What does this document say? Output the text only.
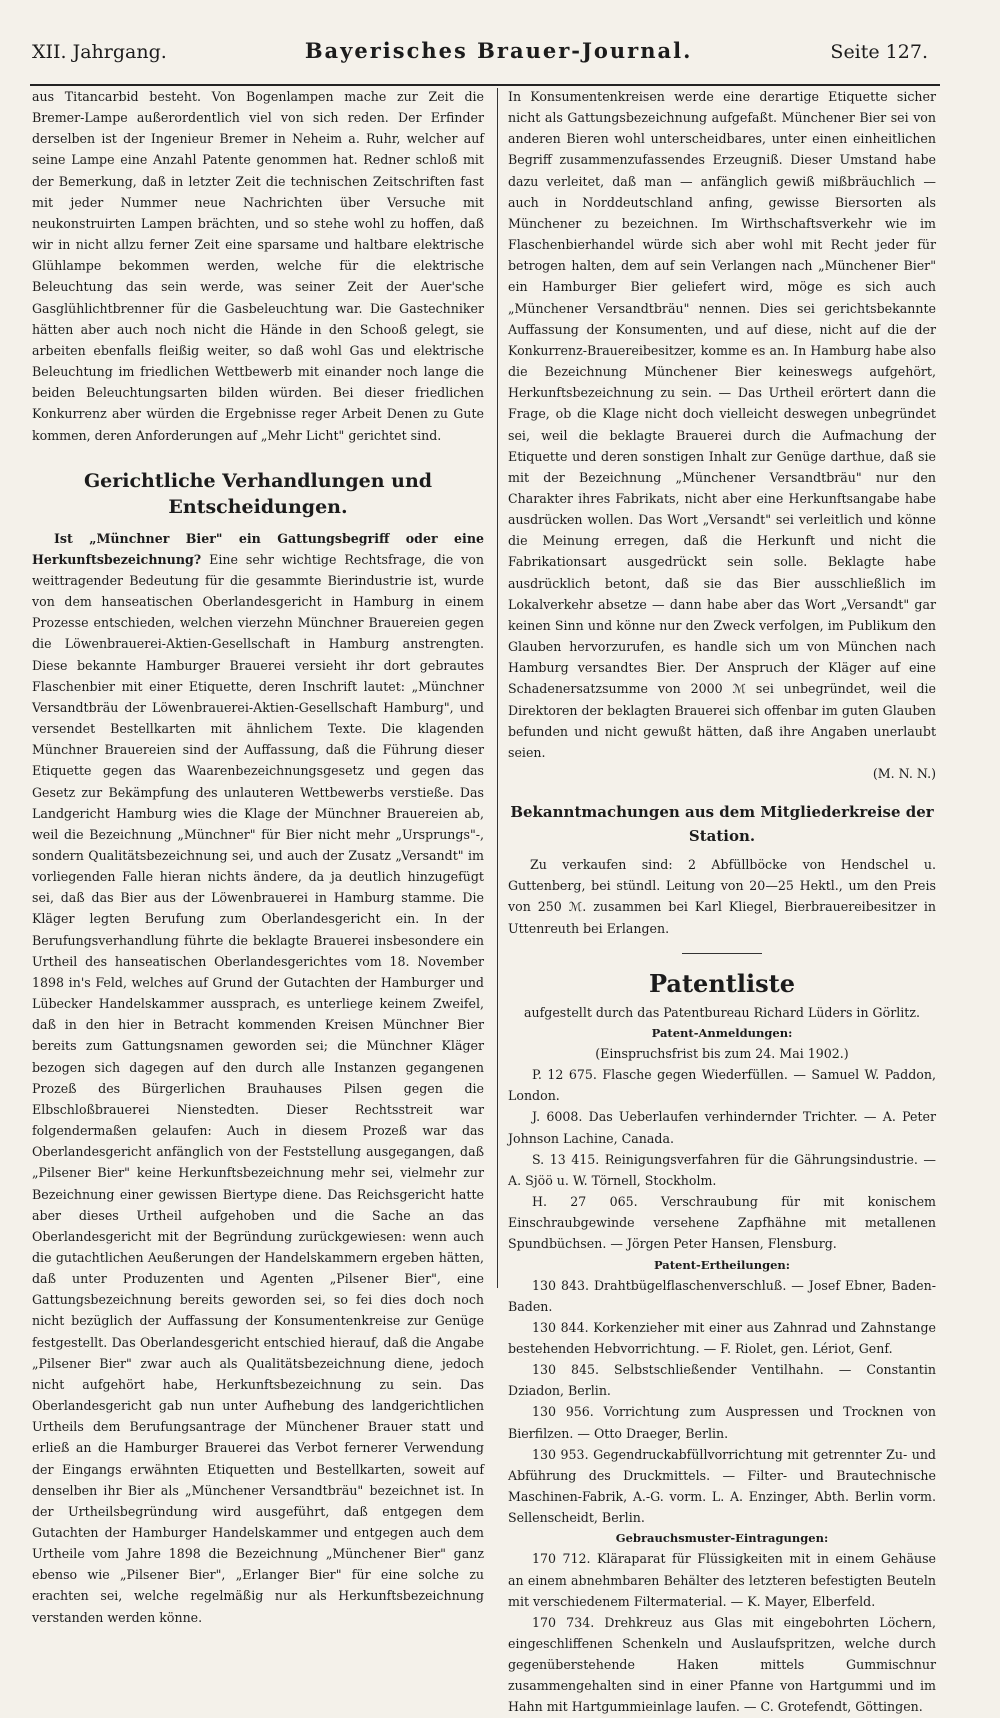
XII. Jahrgang.	Bayerisches Brauer-Journal.	Seite 127.

aus Titancarbid besteht. Von Bogenlampen mache zur Zeit die Bremer-Lampe außerordentlich viel von sich reden. Der Erfinder derselben ist der Ingenieur Bremer in Neheim a. Ruhr, welcher auf seine Lampe eine Anzahl Patente genommen hat. Redner schloß mit der Bemerkung, daß in letzter Zeit die technischen Zeitschriften fast mit jeder Nummer neue Nachrichten über Versuche mit neukonstruirten Lampen brächten, und so stehe wohl zu hoffen, daß wir in nicht allzu ferner Zeit eine sparsame und haltbare elektrische Glühlampe bekommen werden, welche für die elektrische Beleuchtung das sein werde, was seiner Zeit der Auer'sche Gasglühlichtbrenner für die Gasbeleuchtung war. Die Gastechniker hätten aber auch noch nicht die Hände in den Schooß gelegt, sie arbeiten ebenfalls fleißig weiter, so daß wohl Gas und elektrische Beleuchtung im friedlichen Wettbewerb mit einander noch lange die beiden Beleuchtungsarten bilden würden. Bei dieser friedlichen Konkurrenz aber würden die Ergebnisse reger Arbeit Denen zu Gute kommen, deren Anforderungen auf „Mehr Licht" gerichtet sind.

Gerichtliche Verhandlungen und Entscheidungen.

Ist „Münchner Bier" ein Gattungsbegriff oder eine Herkunftsbezeichnung? Eine sehr wichtige Rechtsfrage, die von weittragender Bedeutung für die gesammte Bierindustrie ist, wurde von dem hanseatischen Oberlandesgericht in Hamburg in einem Prozesse entschieden, welchen vierzehn Münchner Brauereien gegen die Löwenbrauerei-Aktien-Gesellschaft in Hamburg anstrengten. Diese bekannte Hamburger Brauerei versieht ihr dort gebrautes Flaschenbier mit einer Etiquette, deren Inschrift lautet: „Münchner Versandtbräu der Löwenbrauerei-Aktien-Gesellschaft Hamburg", und versendet Bestellkarten mit ähnlichem Texte. Die klagenden Münchner Brauereien sind der Auffassung, daß die Führung dieser Etiquette gegen das Waarenbezeichnungsgesetz und gegen das Gesetz zur Bekämpfung des unlauteren Wettbewerbs verstieße. Das Landgericht Hamburg wies die Klage der Münchner Brauereien ab, weil die Bezeichnung „Münchner" für Bier nicht mehr „Ursprungs"-, sondern Qualitätsbezeichnung sei, und auch der Zusatz „Versandt" im vorliegenden Falle hieran nichts ändere, da ja deutlich hinzugefügt sei, daß das Bier aus der Löwenbrauerei in Hamburg stamme. Die Kläger legten Berufung zum Oberlandesgericht ein. In der Berufungsverhandlung führte die beklagte Brauerei insbesondere ein Urtheil des hanseatischen Oberlandesgerichtes vom 18. November 1898 in's Feld, welches auf Grund der Gutachten der Hamburger und Lübecker Handelskammer aussprach, es unterliege keinem Zweifel, daß in den hier in Betracht kommenden Kreisen Münchner Bier bereits zum Gattungsnamen geworden sei; die Münchner Kläger bezogen sich dagegen auf den durch alle Instanzen gegangenen Prozeß des Bürgerlichen Brauhauses Pilsen gegen die Elbschloßbrauerei Nienstedten. Dieser Rechtsstreit war folgendermaßen gelaufen: Auch in diesem Prozeß war das Oberlandesgericht anfänglich von der Feststellung ausgegangen, daß „Pilsener Bier" keine Herkunftsbezeichnung mehr sei, vielmehr zur Bezeichnung einer gewissen Biertype diene. Das Reichsgericht hatte aber dieses Urtheil aufgehoben und die Sache an das Oberlandesgericht mit der Begründung zurückgewiesen: wenn auch die gutachtlichen Aeußerungen der Handelskammern ergeben hätten, daß unter Produzenten und Agenten „Pilsener Bier", eine Gattungsbezeichnung bereits geworden sei, so fei dies doch noch nicht bezüglich der Auffassung der Konsumentenkreise zur Genüge festgestellt. Das Oberlandesgericht entschied hierauf, daß die Angabe „Pilsener Bier" zwar auch als Qualitätsbezeichnung diene, jedoch nicht aufgehört habe, Herkunftsbezeichnung zu sein. Das Oberlandesgericht gab nun unter Aufhebung des landgerichtlichen Urtheils dem Berufungsantrage der Münchener Brauer statt und erließ an die Hamburger Brauerei das Verbot fernerer Verwendung der Eingangs erwähnten Etiquetten und Bestellkarten, soweit auf denselben ihr Bier als „Münchener Versandtbräu" bezeichnet ist. In der Urtheilsbegründung wird ausgeführt, daß entgegen dem Gutachten der Hamburger Handelskammer und entgegen auch dem Urtheile vom Jahre 1898 die Bezeichnung „Münchener Bier" ganz ebenso wie „Pilsener Bier", „Erlanger Bier" für eine solche zu erachten sei, welche regelmäßig nur als Herkunftsbezeichnung verstanden werden könne.

In Konsumentenkreisen werde eine derartige Etiquette sicher nicht als Gattungsbezeichnung aufgefaßt. Münchener Bier sei von anderen Bieren wohl unterscheidbares, unter einen einheitlichen Begriff zusammenzufassendes Erzeugniß. Dieser Umstand habe dazu verleitet, daß man — anfänglich gewiß mißbräuchlich — auch in Norddeutschland anfing, gewisse Biersorten als Münchener zu bezeichnen. Im Wirthschaftsverkehr wie im Flaschenbierhandel würde sich aber wohl mit Recht jeder für betrogen halten, dem auf sein Verlangen nach „Münchener Bier" ein Hamburger Bier geliefert wird, möge es sich auch „Münchener Versandtbräu" nennen. Dies sei gerichtsbekannte Auffassung der Konsumenten, und auf diese, nicht auf die der Konkurrenz-Brauereibesitzer, komme es an. In Hamburg habe also die Bezeichnung Münchener Bier keineswegs aufgehört, Herkunftsbezeichnung zu sein. — Das Urtheil erörtert dann die Frage, ob die Klage nicht doch vielleicht deswegen unbegründet sei, weil die beklagte Brauerei durch die Aufmachung der Etiquette und deren sonstigen Inhalt zur Genüge darthue, daß sie mit der Bezeichnung „Münchener Versandtbräu" nur den Charakter ihres Fabrikats, nicht aber eine Herkunftsangabe habe ausdrücken wollen. Das Wort „Versandt" sei verleitlich und könne die Meinung erregen, daß die Herkunft und nicht die Fabrikationsart ausgedrückt sein solle. Beklagte habe ausdrücklich betont, daß sie das Bier ausschließlich im Lokalverkehr absetze — dann habe aber das Wort „Versandt" gar keinen Sinn und könne nur den Zweck verfolgen, im Publikum den Glauben hervorzurufen, es handle sich um von München nach Hamburg versandtes Bier. Der Anspruch der Kläger auf eine Schadenersatzsumme von 2000 ℳ sei unbegründet, weil die Direktoren der beklagten Brauerei sich offenbar im guten Glauben befunden und nicht gewußt hätten, daß ihre Angaben unerlaubt seien.

(M. N. N.)
Bekanntmachungen aus dem Mitgliederkreise der Station.

Zu verkaufen sind: 2 Abfüllböcke von Hendschel u. Guttenberg, bei stündl. Leitung von 20—25 Hektl., um den Preis von 250 ℳ. zusammen bei Karl Kliegel, Bierbrauereibesitzer in Uttenreuth bei Erlangen.

Patentliste
aufgestellt durch das Patentbureau Richard Lüders in Görlitz.
Patent-Anmeldungen:
(Einspruchsfrist bis zum 24. Mai 1902.)

P. 12 675. Flasche gegen Wiederfüllen. — Samuel W. Paddon, London.

J. 6008. Das Ueberlaufen verhindernder Trichter. — A. Peter Johnson Lachine, Canada.

S. 13 415. Reinigungsverfahren für die Gährungsindustrie. — A. Sjöö u. W. Törnell, Stockholm.

H. 27 065. Verschraubung für mit konischem Einschraubgewinde versehene Zapfhähne mit metallenen Spundbüchsen. — Jörgen Peter Hansen, Flensburg.

Patent-Ertheilungen:

130 843. Drahtbügelflaschenverschluß. — Josef Ebner, Baden-Baden.

130 844. Korkenzieher mit einer aus Zahnrad und Zahnstange bestehenden Hebvorrichtung. — F. Riolet, gen. Lériot, Genf.

130 845. Selbstschließender Ventilhahn. — Constantin Dziadon, Berlin.

130 956. Vorrichtung zum Auspressen und Trocknen von Bierfilzen. — Otto Draeger, Berlin.

130 953. Gegendruckabfüllvorrichtung mit getrennter Zu- und Abführung des Druckmittels. — Filter- und Brautechnische Maschinen-Fabrik, A.-G. vorm. L. A. Enzinger, Abth. Berlin vorm. Sellenscheidt, Berlin.

Gebrauchsmuster-Eintragungen:

170 712. Kläraparat für Flüssigkeiten mit in einem Gehäuse an einem abnehmbaren Behälter des letzteren befestigten Beuteln mit verschiedenem Filtermaterial. — K. Mayer, Elberfeld.

170 734. Drehkreuz aus Glas mit eingebohrten Löchern, eingeschliffenen Schenkeln und Auslaufspritzen, welche durch gegenüberstehende Haken mittels Gummischnur zusammengehalten sind in einer Pfanne von Hartgummi und im Hahn mit Hartgummieinlage laufen. — C. Grotefendt, Göttingen.
